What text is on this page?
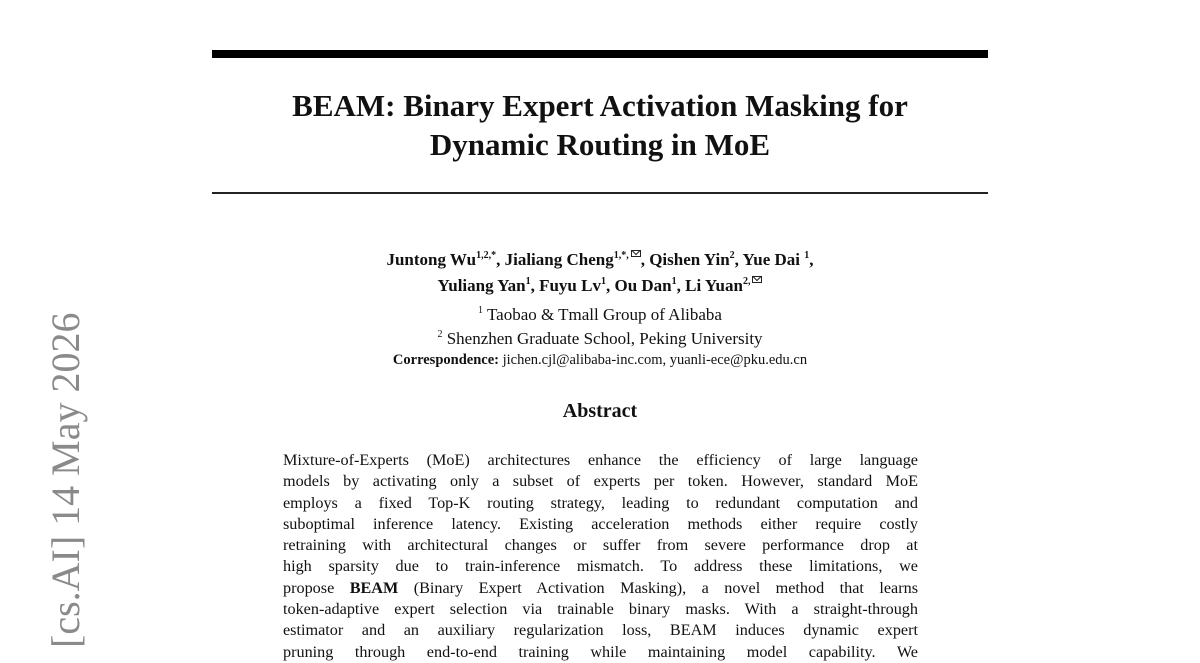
BEAM: Binary Expert Activation Masking for
Dynamic Routing in MoE
Juntong $Wu^{1,2,*}$, Jialiang Cheng$^{1,*,}$ , Qishen Yin$^2$, Yue Dai $^1$,
Yuliang Yan$^1$, Fuyu Lv$^1$, Ou Dan$^1$, Li Yuan$^{2,}$
$^1$ Taobao & Tmall Group of Alibaba
$^2$ Shenzhen Graduate School, Peking University
Correspondence: jichen.cjl@alibaba-inc.com, yuanli-ece@pku.edu.cn
Abstract
Mixture-of-Experts (MoE) architectures enhance the efficiency of large language
models by activating only a subset of experts per token. However, standard MoE
employs a fixed Top-K routing strategy, leading to redundant computation and
suboptimal inference latency. Existing acceleration methods either require costly
retraining with architectural changes or suffer from severe performance drop at
high sparsity due to train-inference mismatch. To address these limitations, we
propose BEAM (Binary Expert Activation Masking), a novel method that learns
token-adaptive expert selection via trainable binary masks. With a straight-through
estimator and an auxiliary regularization loss, BEAM induces dynamic expert
pruning through end-to-end training while maintaining model capability. We
[cs.AI] 14 May 2026
